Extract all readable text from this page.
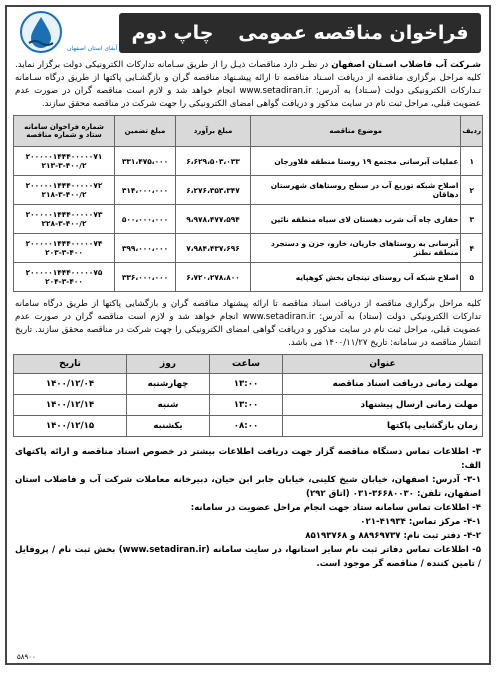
فراخوان مناقصه عمومی
چاپ دوم
آبفای استان اصفهان
شـرکت آب فاضلاب اسـتان اصفهان در نظـر دارد مناقصات ذیـل را از طریق سـامانه تدارکات الکترونیکی دولت برگزار نماید. کلیه مراحل برگزاری مناقصه از دریافت اسـناد مناقصه تا ارائه پیشـنهاد مناقصه گران و بازگشـایی پاکتها از طریق درگاه سـامانه تـدارکات الکترونیکی دولت (سـتاد) به آدرس: www.setadiran.ir انجام خواهد شد و لازم است مناقصه گران در صورت عدم عضویت قبلی، مراحل ثبت نام در سایت مذکور و دریافت گواهی امضای الکترونیکی را جهت شرکت در مناقصه محقق سازند.
ردیف	موضوع مناقصه	مبلغ برآورد	مبلغ تضمین	شماره فراخوان سامانه ستاد و شماره مناقصه
۱	عملیات آبرسانی مجتمع ۱۹ روستا منطقه فلاورجان	۶،۶۲۹،۵۰۳،۰۳۳	۳۳۱،۴۷۵،۰۰۰	۲۰۰۰۰۰۱۴۴۴۰۰۰۰۰۷۱ ۲۱۳-۳-۴۰۰/۲
۲	اصلاح شبکه توزیع آب در سطح روستاهای شهرستان دهاقان	۶،۲۷۶،۳۵۳،۳۴۷	۳۱۴،۰۰۰،۰۰۰	۲۰۰۰۰۰۱۴۴۴۰۰۰۰۰۷۲ ۲۱۸-۳-۴۰۰/۲
۳	حفاری چاه آب شرب دهستان لای سیاه منطقه نائین	۹،۹۷۸،۴۷۷،۵۹۴	۵۰۰،۰۰۰،۰۰۰	۲۰۰۰۰۰۱۴۴۴۰۰۰۰۰۷۳ ۲۲۸-۳-۴۰۰/۲
۴	آبرسانی به روستاهای جاریان، خارو، جزن و دستجرد منطقه نطنز	۷،۹۸۴،۴۳۷،۶۹۶	۳۹۹،۰۰۰،۰۰۰	۲۰۰۰۰۰۱۴۴۴۰۰۰۰۰۷۴ ۲۰۳-۳-۴۰۰
۵	اصلاح شبکه آب روستای تیتجان بخش کوهپایه	۶،۷۲۰،۲۷۸،۸۰۰	۳۳۶،۰۰۰،۰۰۰	۲۰۰۰۰۰۱۴۴۴۰۰۰۰۰۷۵ ۲۰۴-۳-۴۰۰
کلیه مراحل برگزاری مناقصه از دریافت اسناد مناقصه تا ارائه پیشنهاد مناقصه گران و بازگشایی پاکتها از طریق درگاه سامانه تدارکات الکترونیکی دولت (ستاد) به آدرس: www.setadiran.ir انجام خواهد شد و لازم است مناقصه گران در صورت عدم عضویت قبلی، مراحل ثبت نام در سایت مذکور و دریافت گواهی امضای الکترونیکی را جهت شرکت در مناقصه محقق سازند. تاریخ انتشار مناقصه در سامانه: تاریخ ۱۴۰۰/۱۱/۲۷ می باشد.
عنوان	ساعت	روز	تاریخ
مهلت زمانی دریافت اسناد مناقصه	۱۳:۰۰	چهارشنبه	۱۴۰۰/۱۲/۰۴
مهلت زمانی ارسال پیشنهاد	۱۳:۰۰	شنبه	۱۴۰۰/۱۲/۱۴
زمان بازگشایی پاکتها	۰۸:۰۰	یکشنبه	۱۴۰۰/۱۲/۱۵
۳- اطلاعات تماس دستگاه مناقصه گزار جهت دریافت اطلاعات بیشتر در خصوص اسناد مناقصه و ارائه پاکتهای الف:
۳-۱- آدرس: اصفهان، خیابان شیخ کلینی، خیابان جابر ابن حیان، دبیرخانه معاملات شرکت آب و فاضلاب استان اصفهان، تلفن: ۳۶۶۸۰۰۳۰-۰۳۱ (اتاق ۲۹۲)
۴- اطلاعات تماس سامانه ستاد جهت انجام مراحل عضویت در سامانه:
۴-۱- مرکز تماس: ۴۱۹۳۴-۰۲۱
۴-۲- دفتر ثبت نام: ۸۸۹۶۹۷۳۷ و ۸۵۱۹۳۷۶۸
۵- اطلاعات تماس دفاتر ثبت نام سایر استانها، در سایت سامانه (www.setadiran.ir) بخش ثبت نام / پروفایل / تامین کننده / مناقصه گر موجود است.
۵۸۹۰۰
